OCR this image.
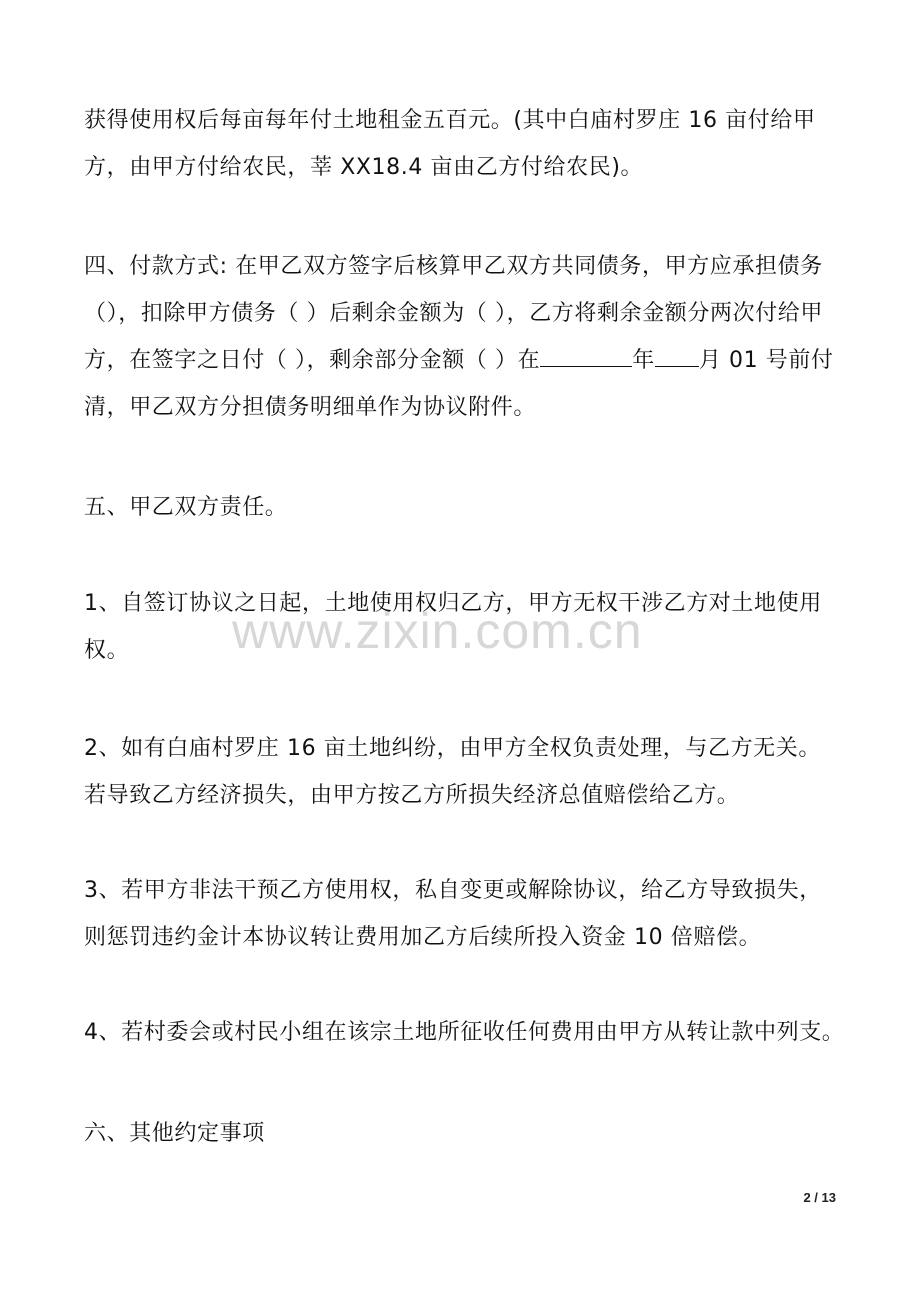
获得使用权后每亩每年付土地租金五百元。(其中白庙村罗庄 16 亩付给甲
方，由甲方付给农民，莘 XX18.4 亩由乙方付给农民)。
四、付款方式: 在甲乙双方签字后核算甲乙双方共同债务，甲方应承担债务
（），扣除甲方债务（ ）后剩余金额为（ ），乙方将剩余金额分两次付给甲
方，在签字之日付（ ），剩余部分金额（ ）在	年 月 01 号前付
清，甲乙双方分担债务明细单作为协议附件。
五、甲乙双方责任。
1、自签订协议之日起，土地使用权归乙方，甲方无权干涉乙方对土地使用
权。
2、如有白庙村罗庄 16 亩土地纠纷，由甲方全权负责处理，与乙方无关。
若导致乙方经济损失，由甲方按乙方所损失经济总值赔偿给乙方。
3、若甲方非法干预乙方使用权，私自变更或解除协议，给乙方导致损失，
则惩罚违约金计本协议转让费用加乙方后续所投入资金 10 倍赔偿。
4、若村委会或村民小组在该宗土地所征收任何费用由甲方从转让款中列支。
六、其他约定事项
www.zixin.com.cn
2 / 13
